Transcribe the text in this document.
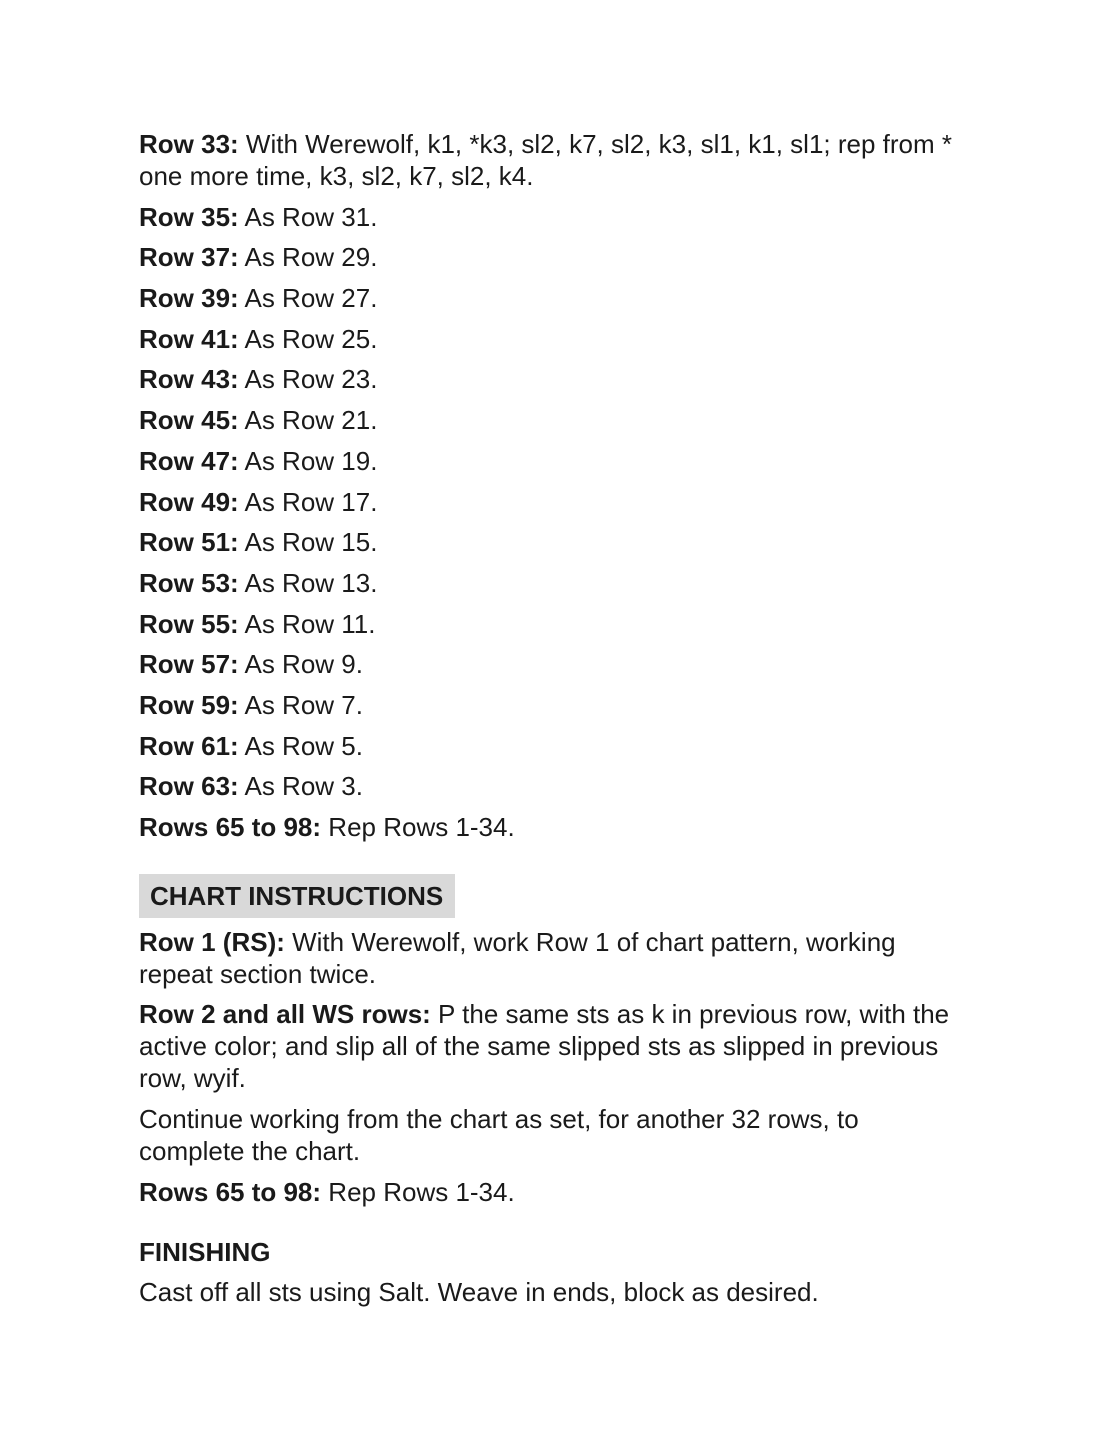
Row 33: With Werewolf, k1, *k3, sl2, k7, sl2, k3, sl1, k1, sl1; rep from * one more time, k3, sl2, k7, sl2, k4.

Row 35: As Row 31.

Row 37: As Row 29.

Row 39: As Row 27.

Row 41: As Row 25.

Row 43: As Row 23.

Row 45: As Row 21.

Row 47: As Row 19.

Row 49: As Row 17.

Row 51: As Row 15.

Row 53: As Row 13.

Row 55: As Row 11.

Row 57: As Row 9.

Row 59: As Row 7.

Row 61: As Row 5.

Row 63: As Row 3.

Rows 65 to 98: Rep Rows 1-34.

CHART INSTRUCTIONS

Row 1 (RS): With Werewolf, work Row 1 of chart pattern, working repeat section twice.

Row 2 and all WS rows: P the same sts as k in previous row, with the active color; and slip all of the same slipped sts as slipped in previous row, wyif.

Continue working from the chart as set, for another 32 rows, to complete the chart.

Rows 65 to 98: Rep Rows 1-34.

FINISHING

Cast off all sts using Salt. Weave in ends, block as desired.
